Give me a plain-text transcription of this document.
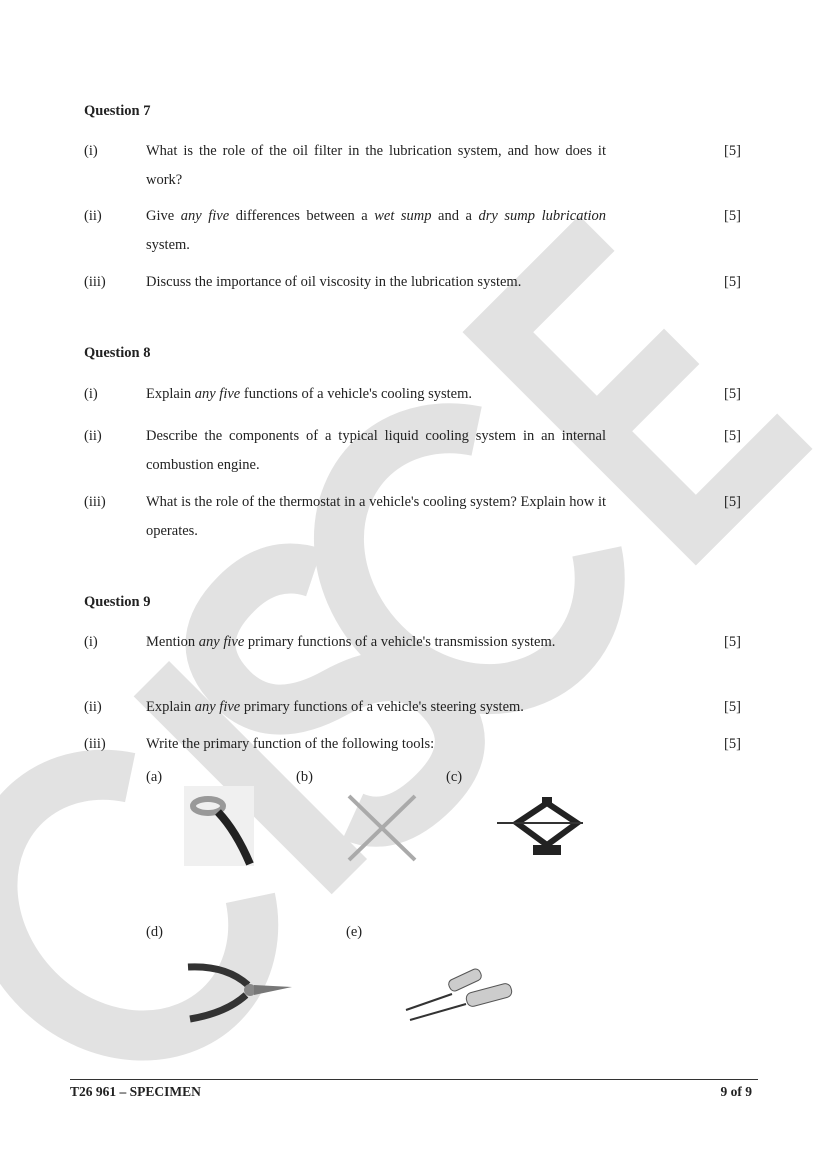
Question 7
(i)	What is the role of the oil filter in the lubrication system, and how does it work?
[5]
(ii)	Give any five differences between a wet sump and a dry sump lubrication system.
[5]
(iii)	Discuss the importance of oil viscosity in the lubrication system.	[5]
Question 8
(i)	Explain any five functions of a vehicle's cooling system.	[5]
(ii)	Describe the components of a typical liquid cooling system in an internal combustion engine.
[5]
(iii)	What is the role of the thermostat in a vehicle's cooling system? Explain how it operates.
[5]
Question 9
(i)	Mention any five primary functions of a vehicle's transmission system.	[5]
(ii)	Explain any five primary functions of a vehicle's steering system.	[5]
(iii)	Write the primary function of the following tools:	[5]
(a)	(b)	(c)
(d)	(e)
T26 961 – SPECIMEN	9 of 9
